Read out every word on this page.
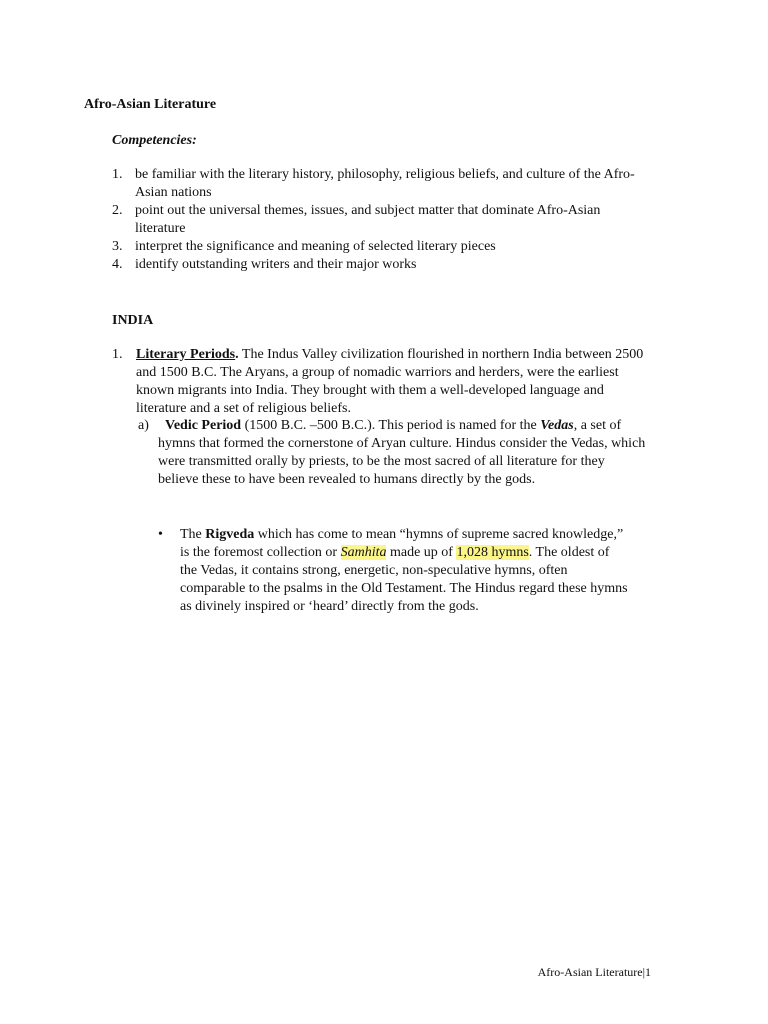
Afro-Asian Literature
Competencies:
1. be familiar with the literary history, philosophy, religious beliefs, and culture of the Afro-Asian nations
2. point out the universal themes, issues, and subject matter that dominate Afro-Asian literature
3. interpret the significance and meaning of selected literary pieces
4. identify outstanding writers and their major works
INDIA
1. Literary Periods. The Indus Valley civilization flourished in northern India between 2500 and 1500 B.C. The Aryans, a group of nomadic warriors and herders, were the earliest known migrants into India. They brought with them a well-developed language and literature and a set of religious beliefs.
a)	Vedic Period (1500 B.C. –500 B.C.). This period is named for the Vedas, a set of hymns that formed the cornerstone of Aryan culture. Hindus consider the Vedas, which were transmitted orally by priests, to be the most sacred of all literature for they believe these to have been revealed to humans directly by the gods.
• The Rigveda which has come to mean “hymns of supreme sacred knowledge,” is the foremost collection or Samhita made up of 1,028 hymns. The oldest of the Vedas, it contains strong, energetic, non-speculative hymns, often comparable to the psalms in the Old Testament. The Hindus regard these hymns as divinely inspired or ‘heard’ directly from the gods.
Afro-Asian Literature|1
